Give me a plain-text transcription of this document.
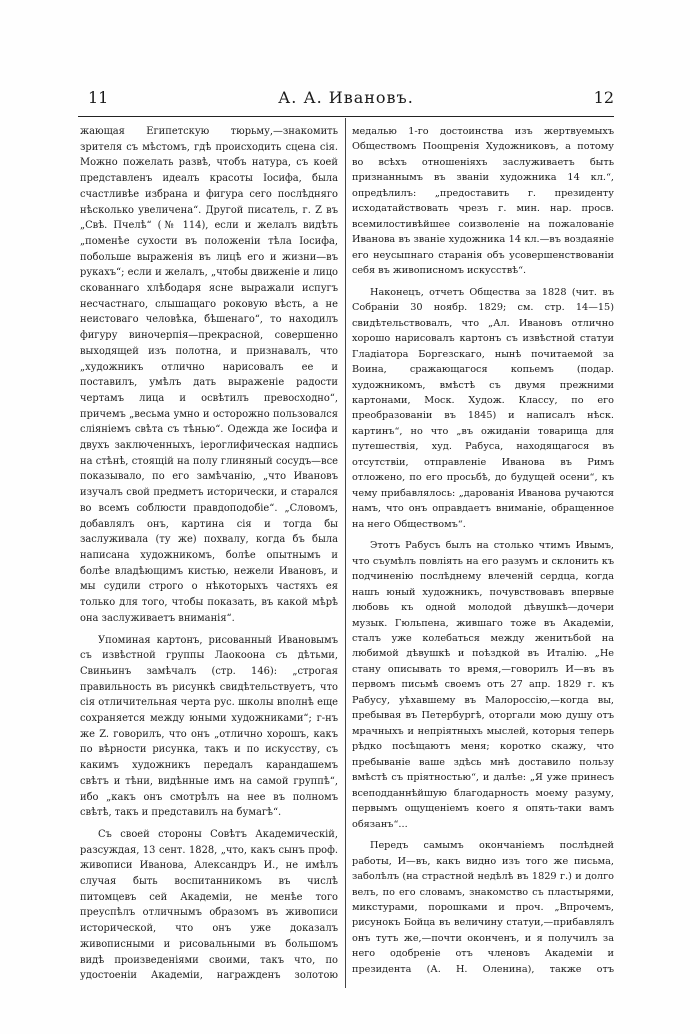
11	А. А. Ивановъ.	12

жающая Египетскую тюрьму,—знакомить зрителя съ мѣстомъ, гдѣ происходить сцена сія. Можно пожелать развѣ, чтобъ натура, съ коей представленъ идеалъ красоты Іосифа, была счастливѣе избрана и фигура сего послѣдняго нѣсколько увеличена“. Другой писатель, г. Z въ „Свѣ. Пчелѣ“ (№ 114), если и желалъ видѣть „поменѣе сухости въ положеніи тѣла Іосифа, побольше выраженія въ лицѣ его и жизни—въ рукахъ“; если и желалъ, „чтобы движеніе и лицо скованнаго хлѣбодаря ясне выражали испугъ несчастнаго, слышащаго роковую вѣсть, а не неистоваго человѣка, бѣшенаго“, то находилъ фигуру виночерпія—прекрасной, совершенно выходящей изъ полотна, и признавалъ, что „художникъ отлично нарисовалъ ее и поставилъ, умѣлъ дать выраженіе радости чертамъ лица и освѣтилъ превосходно“, причемъ „весьма умно и осторожно пользовался сліяніемъ свѣта съ тѣнью“. Одежда же Іосифа и двухъ заключенныхъ, іероглифическая надпись на стѣнѣ, стоящій на полу глиняный сосудъ—все показывало, по его замѣчанію, „что Ивановъ изучалъ свой предметъ исторически, и старался во всемъ соблюсти правдоподобіе“. „Словомъ, добавлялъ онъ, картина сія и тогда бы заслуживала (ту же) похвалу, когда бъ была написана художникомъ, болѣе опытнымъ и болѣе владѣющимъ кистью, нежели Ивановъ, и мы судили строго о нѣкоторыхъ частяхъ ея только для того, чтобы показать, въ какой мѣрѣ она заслуживаетъ вниманія“.

Упоминая картонъ, рисованный Ивановымъ съ извѣстной группы Лаокоона съ дѣтьми, Свиньинъ замѣчалъ (стр. 146): „строгая правильность въ рисункѣ свидѣтельствуетъ, что сія отличительная черта рус. школы вполнѣ еще сохраняется между юными художниками“; г-нъ же Z. говорилъ, что онъ „отлично хорошъ, какъ по вѣрности рисунка, такъ и по искусству, съ какимъ художникъ передалъ карандашемъ свѣтъ и тѣни, видѣнные имъ на самой группѣ“, ибо „какъ онъ смотрѣлъ на нее въ полномъ свѣтѣ, такъ и представилъ на бумагѣ“.

Съ своей стороны Совѣтъ Академическій, разсуждая, 13 сент. 1828, „что, какъ сынъ проф. живописи Иванова, Александръ И., не имѣлъ случая быть воспитанникомъ въ числѣ питомцевъ сей Академіи, не менѣе того преуспѣлъ отличнымъ образомъ въ живописи исторической, что онъ уже доказалъ живописными и рисовальными въ большомъ видѣ произведеніями своими, такъ что, по удостоеніи Академіи, награжденъ золотою

медалью 1-го достоинства изъ жертвуемыхъ Обществомъ Поощренія Художниковъ, а потому во всѣхъ отношеніяхъ заслуживаетъ быть признаннымъ въ званіи художника 14 кл.“, опредѣлилъ: „предоставить г. президенту исходатайствовать чрезъ г. мин. нар. просв. всемилостивѣйшее соизволеніе на пожалованіе Иванова въ званіе художника 14 кл.—въ воздаяніе его неусыпнаго старанія объ усовершенствованіи себя въ живописномъ искусствѣ“.

Наконецъ, отчетъ Общества за 1828 (чит. въ Собраніи 30 ноябр. 1829; см. стр. 14—15) свидѣтельствовалъ, что „Ал. Ивановъ отлично хорошо нарисовалъ картонъ съ извѣстной статуи Гладіатора Боргезскаго, нынѣ почитаемой за Воина, сражающагося копьемъ (подар. художникомъ, вмѣстѣ съ двумя прежними картонами, Моск. Худож. Классу, по его преобразованіи въ 1845) и написалъ нѣск. картинъ“, но что „въ ожиданіи товарища для путешествія, худ. Рабуса, находящагося въ отсутствіи, отправленіе Иванова въ Римъ отложено, по его просьбѣ, до будущей осени“, къ чему прибавлялось: „дарованія Иванова ручаются намъ, что онъ оправдаетъ вниманіе, обращенное на него Обществомъ“.

Этотъ Рабусъ былъ на столько чтимъ Ивымъ, что съумѣлъ повліять на его разумъ и склонить къ подчиненію послѣднему влеченій сердца, когда нашъ юный художникъ, почувствовавъ впервые любовь къ одной молодой дѣвушкѣ—дочери музык. Гюльпена, жившаго тоже въ Академіи, сталъ уже колебаться между женитьбой на любимой дѣвушкѣ и поѣздкой въ Италію. „Не стану описывать то время,—говорилъ И—въ въ первомъ письмѣ своемъ отъ 27 апр. 1829 г. къ Рабусу, уѣхавшему въ Малороссію,—когда вы, пребывая въ Петербургѣ, оторгали мою душу отъ мрачныхъ и непріятныхъ мыслей, которыя теперь рѣдко посѣщаютъ меня; коротко скажу, что пребываніе ваше здѣсь мнѣ доставило пользу вмѣстѣ съ пріятностью“, и далѣе: „Я уже принесъ всеподданнѣйшую благодарность моему разуму, первымъ ощущеніемъ коего я опять-таки вамъ обязанъ“...

Передъ самымъ окончаніемъ послѣдней работы, И—въ, какъ видно изъ того же письма, заболѣлъ (на страстной недѣлѣ въ 1829 г.) и долго велъ, по его словамъ, знакомство съ пластырями, микстурами, порошками и проч. „Впрочемъ, рисунокъ Бойца въ величину статуи,—прибавлялъ онъ тутъ же,—почти оконченъ, и я получилъ за него одобреніе отъ членовъ Академіи и президента (А. Н. Оленина), также отъ
